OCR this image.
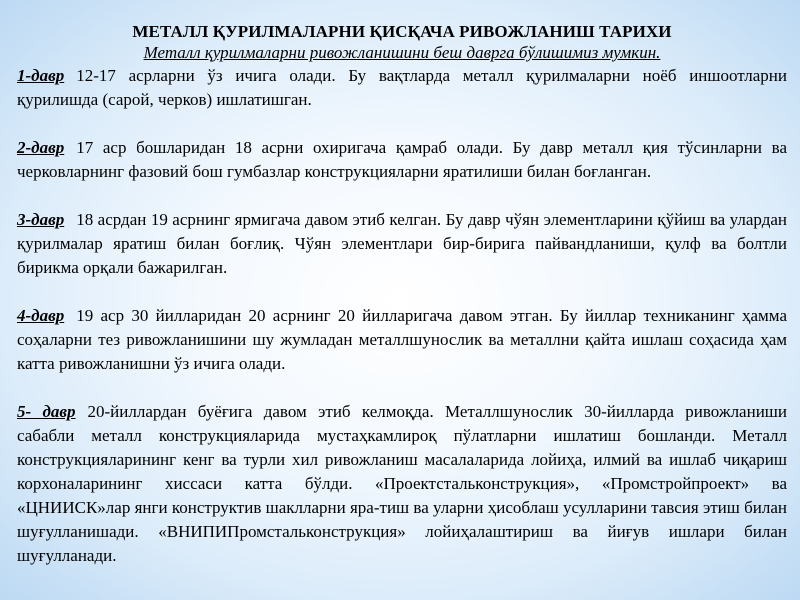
МЕТАЛЛ ҚУРИЛМАЛАРНИ ҚИСҚАЧА РИВОЖЛАНИШ ТАРИХИ
Металл қурилмаларни ривожланишини беш даврга бўлишимиз мумкин.
1-давр 12-17 асрларни ўз ичига олади. Бу вақтларда металл қурилмаларни ноёб иншоотларни қурилишда (сарой, черков) ишлатишган.
2-давр 17 аср бошларидан 18 асрни охиригача қамраб олади. Бу давр металл қия тўсинларни ва черковларнинг фазовий бош гумбазлар конструкцияларни яратилиши билан боғланган.
3-давр 18 асрдан 19 асрнинг ярмигача давом этиб келган. Бу давр чўян элементларини қўйиш ва улардан қурилмалар яратиш билан боғлиқ. Чўян элементлари бир-бирига пайвандланиши, қулф ва болтли бирикма орқали бажарилган.
4-давр 19 аср 30 йилларидан 20 асрнинг 20 йилларигача давом этган. Бу йиллар техниканинг ҳамма соҳаларни тез ривожланишини шу жумладан металлшунослик ва металлни қайта ишлаш соҳасида ҳам катта ривожланишни ўз ичига олади.
5- давр 20-йиллардан буёғига давом этиб келмоқда. Металлшунослик 30-йилларда ривожланиши сабабли металл конструкцияларида мустаҳкамлироқ пўлатларни ишлатиш бошланди. Металл конструкцияларининг кенг ва турли хил ривожланиш масалаларида лойиҳа, илмий ва ишлаб чиқариш корхоналарининг хиссаси катта бўлди. «Проектстальконструкция», «Промстройпроект» ва «ЦНИИСК»лар янги конструктив шаклларни яра-тиш ва уларни ҳисоблаш усулларини тавсия этиш билан шуғулланишади. «ВНИПИПромстальконструкция» лойиҳалаштириш ва йиғув ишлари билан шуғулланади.
